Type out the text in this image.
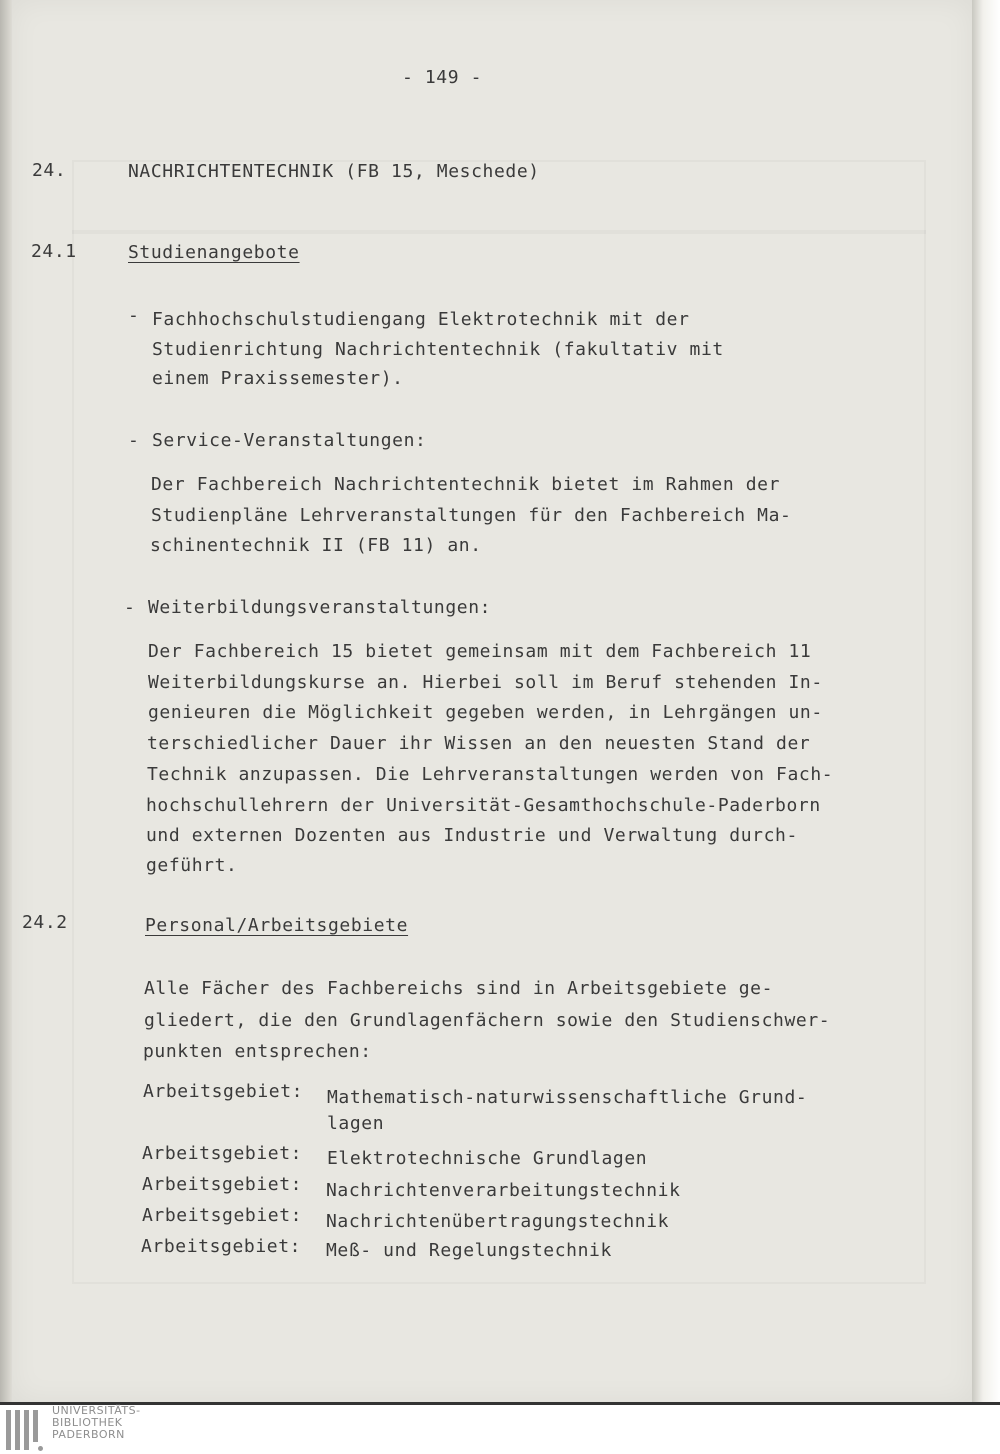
- 149 -
24.	NACHRICHTENTECHNIK (FB 15, Meschede)
24.1	Studienangebote
- Fachhochschulstudiengang Elektrotechnik mit der
Studienrichtung Nachrichtentechnik (fakultativ mit
einem Praxissemester).
- Service-Veranstaltungen:
Der Fachbereich Nachrichtentechnik bietet im Rahmen der
Studienpläne Lehrveranstaltungen für den Fachbereich Ma-
schinentechnik II (FB 11) an.
- Weiterbildungsveranstaltungen:
Der Fachbereich 15 bietet gemeinsam mit dem Fachbereich 11
Weiterbildungskurse an. Hierbei soll im Beruf stehenden In-
genieuren die Möglichkeit gegeben werden, in Lehrgängen un-
terschiedlicher Dauer ihr Wissen an den neuesten Stand der
Technik anzupassen. Die Lehrveranstaltungen werden von Fach-
hochschullehrern der Universität-Gesamthochschule-Paderborn
und externen Dozenten aus Industrie und Verwaltung durch-
geführt.
24.2	Personal/Arbeitsgebiete
Alle Fächer des Fachbereichs sind in Arbeitsgebiete ge-
gliedert, die den Grundlagenfächern sowie den Studienschwer-
punkten entsprechen:
Arbeitsgebiet: Mathematisch-naturwissenschaftliche Grund-
lagen
Arbeitsgebiet: Elektrotechnische Grundlagen
Arbeitsgebiet: Nachrichtenverarbeitungstechnik
Arbeitsgebiet: Nachrichtenübertragungstechnik
Arbeitsgebiet: Meß- und Regelungstechnik
UNIVERSITÄTS-
BIBLIOTHEK
PADERBORN
